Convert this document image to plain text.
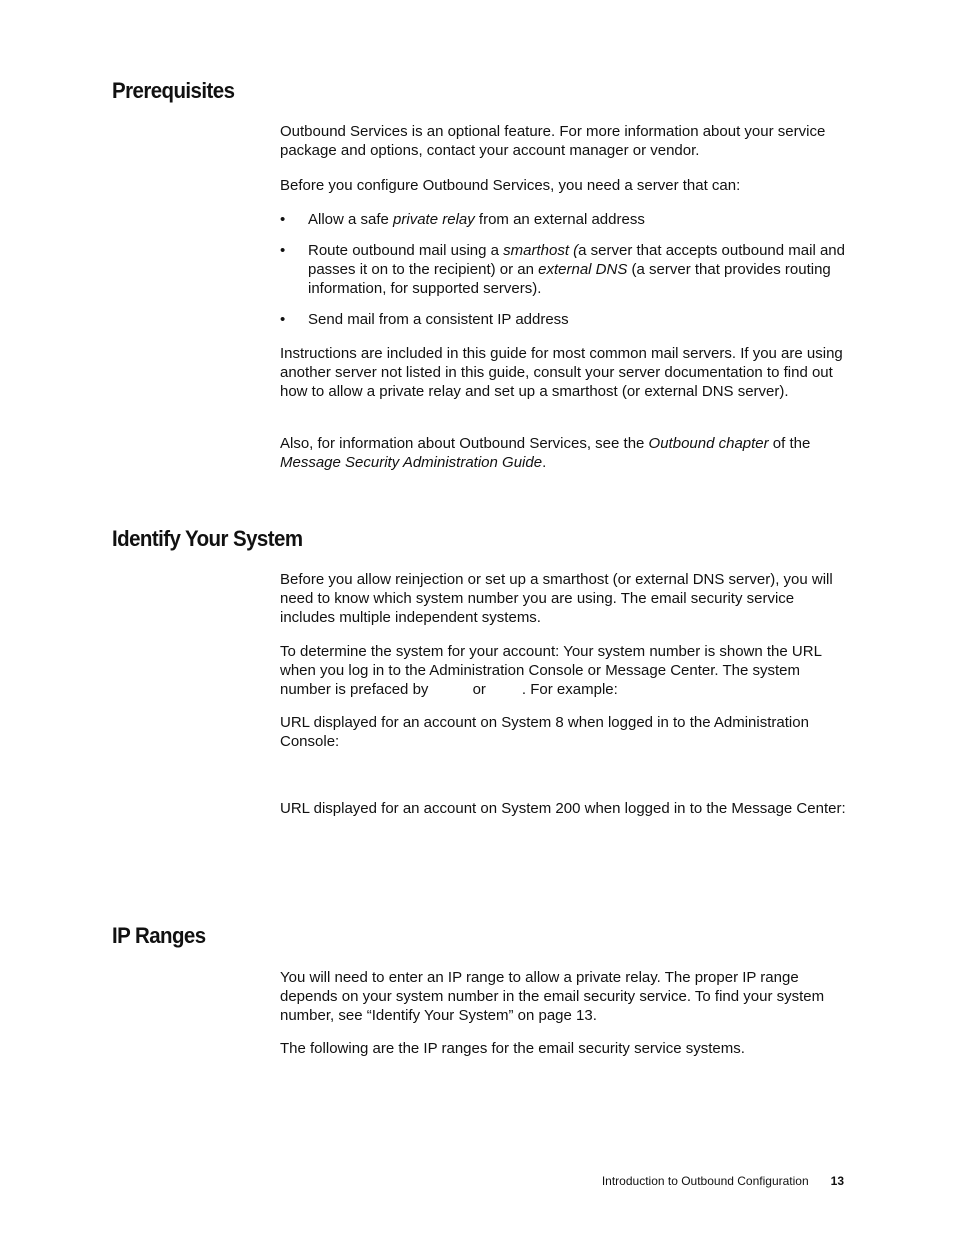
Prerequisites

Outbound Services is an optional feature. For more information about your service package and options, contact your account manager or vendor.

Before you configure Outbound Services, you need a server that can:

• Allow a safe private relay from an external address
• Route outbound mail using a smarthost (a server that accepts outbound mail and passes it on to the recipient) or an external DNS (a server that provides routing information, for supported servers).
• Send mail from a consistent IP address

Instructions are included in this guide for most common mail servers. If you are using another server not listed in this guide, consult your server documentation to find out how to allow a private relay and set up a smarthost (or external DNS server).

Also, for information about Outbound Services, see the Outbound chapter of the Message Security Administration Guide.

Identify Your System

Before you allow reinjection or set up a smarthost (or external DNS server), you will need to know which system number you are using. The email security service includes multiple independent systems.

To determine the system for your account: Your system number is shown the URL when you log in to the Administration Console or Message Center. The system number is prefaced by	or . For example:

URL displayed for an account on System 8 when logged in to the Administration Console:

URL displayed for an account on System 200 when logged in to the Message Center:

IP Ranges

You will need to enter an IP range to allow a private relay. The proper IP range depends on your system number in the email security service. To find your system number, see “Identify Your System” on page 13.

The following are the IP ranges for the email security service systems.

Introduction to Outbound Configuration 13
